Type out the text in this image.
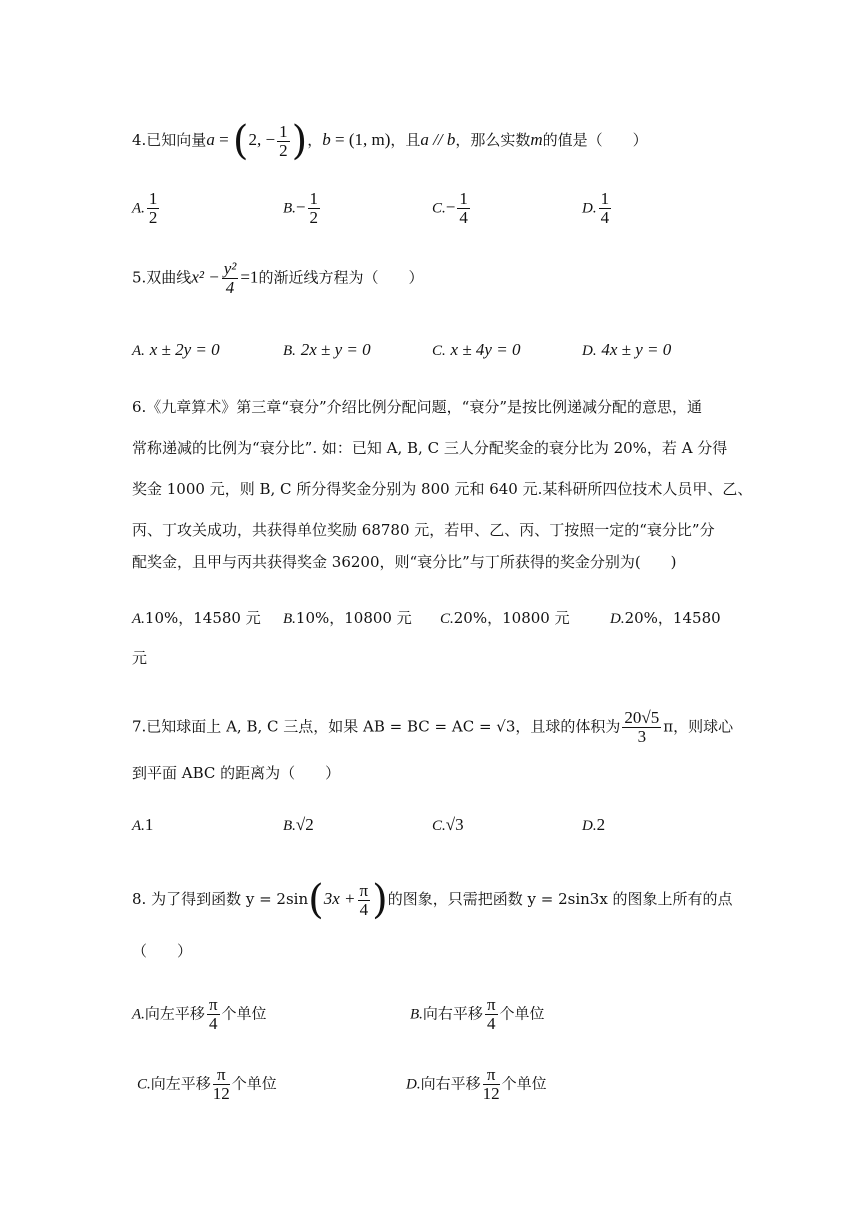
4.已知向量a = (2, − $\frac{1}{2}$ )，b = (1, m)，且a // b，那么实数m的值是（　　）
A. $\frac{1}{2}$	$B.- \frac{1}{2}$	$C.- \frac{1}{4}$	D. $\frac{1}{4}$
5.双曲线$x^2 - \frac{\text{y²}}{4} =1$的渐近线方程为（　　）
A. x ± 2y = 0	B. 2x ± y = 0	C. x ± 4y = 0	D. 4x ± y = 0
6.《九章算术》第三章“衰分”介绍比例分配问题，“衰分”是按比例递减分配的意思，通
常称递减的比例为“衰分比”. 如：已知 A, B, C 三人分配奖金的衰分比为 20%，若 A 分得
奖金 1000 元，则 B, C 所分得奖金分别为 800 元和 640 元.某科研所四位技术人员甲、乙、
丙、丁攻关成功，共获得单位奖励 68780 元，若甲、乙、丙、丁按照一定的“衰分比”分
配奖金，且甲与丙共获得奖金 36200，则“衰分比”与丁所获得的奖金分别为(　　)
A.10%，14580 元 B.10%，10800 元 C.20%，10800 元	D.20%，14580
元
7.已知球面上 A, B, C 三点，如果 AB = BC = AC = √3，且球的体积为 $\frac{20√5}{3}$ π，则球心
到平面 ABC 的距离为（　　）
A.1	B.√2	C.√3	D.2
8. 为了得到函数 $y = 2\sin(3x + \frac{\pi}{4}$ )的图象，只需把函数 y = 2sin3x 的图象上所有的点
（　　）
A.向左平移 $\frac{\pi}{4}$ 个单位	B.向右平移 $\frac{\pi}{4}$ 个单位
C.向左平移 $\frac{\pi}{12}$ 个单位	D.向右平移 $\frac{\pi}{12}$ 个单位
